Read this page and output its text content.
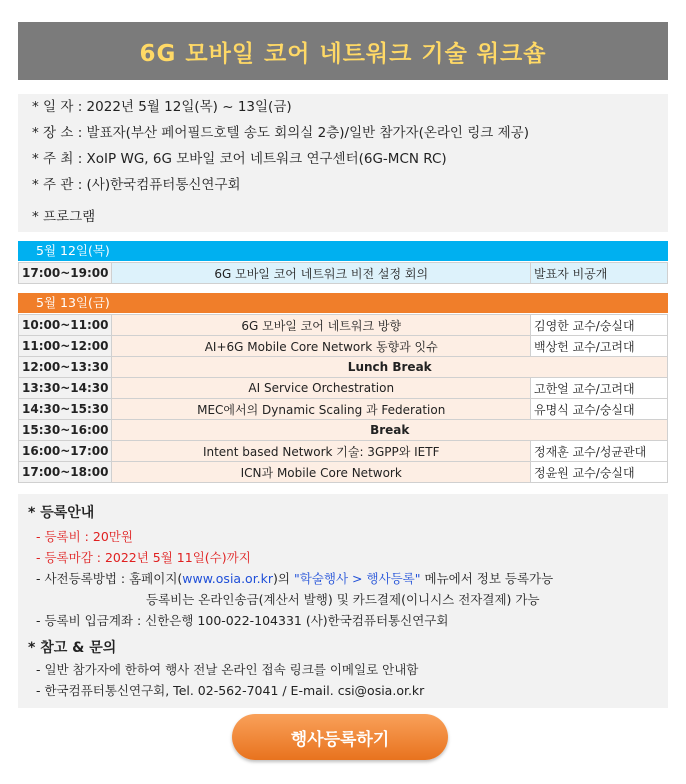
6G 모바일 코어 네트워크 기술 워크숍
* 일 자 : 2022년 5월 12일(목) ~ 13일(금)
* 장 소 : 발표자(부산 페어필드호텔 송도 회의실 2층)/일반 참가자(온라인 링크 제공)
* 주 최 : XoIP WG, 6G 모바일 코어 네트워크 연구센터(6G-MCN RC)
* 주 관 : (사)한국컴퓨터통신연구회
* 프로그램
5월 12일(목)
17:00~19:00	6G 모바일 코어 네트워크 비전 설정 회의	발표자 비공개
5월 13일(금)
10:00~11:00	6G 모바일 코어 네트워크 방향	김영한 교수/숭실대
11:00~12:00	AI+6G Mobile Core Network 동향과 잇슈	백상헌 교수/고려대
12:00~13:30	Lunch Break	
13:30~14:30	AI Service Orchestration	고한얼 교수/고려대
14:30~15:30	MEC에서의 Dynamic Scaling 과 Federation	유명식 교수/숭실대
15:30~16:00	Break	
16:00~17:00	Intent based Network 기술: 3GPP와 IETF	정재훈 교수/성균관대
17:00~18:00	ICN과 Mobile Core Network	정윤원 교수/숭실대
* 등록안내
- 등록비 : 20만원
- 등록마감 : 2022년 5월 11일(수)까지
- 사전등록방법 : 홈페이지(www.osia.or.kr)의 "학술행사 > 행사등록" 메뉴에서 정보 등록가능
등록비는 온라인송금(계산서 발행) 및 카드결제(이니시스 전자결제) 가능
- 등록비 입금계좌 : 신한은행 100-022-104331 (사)한국컴퓨터통신연구회
* 참고 & 문의
- 일반 참가자에 한하여 행사 전날 온라인 접속 링크를 이메일로 안내함
- 한국컴퓨터통신연구회, Tel. 02-562-7041 / E-mail. csi@osia.or.kr
행사등록하기
